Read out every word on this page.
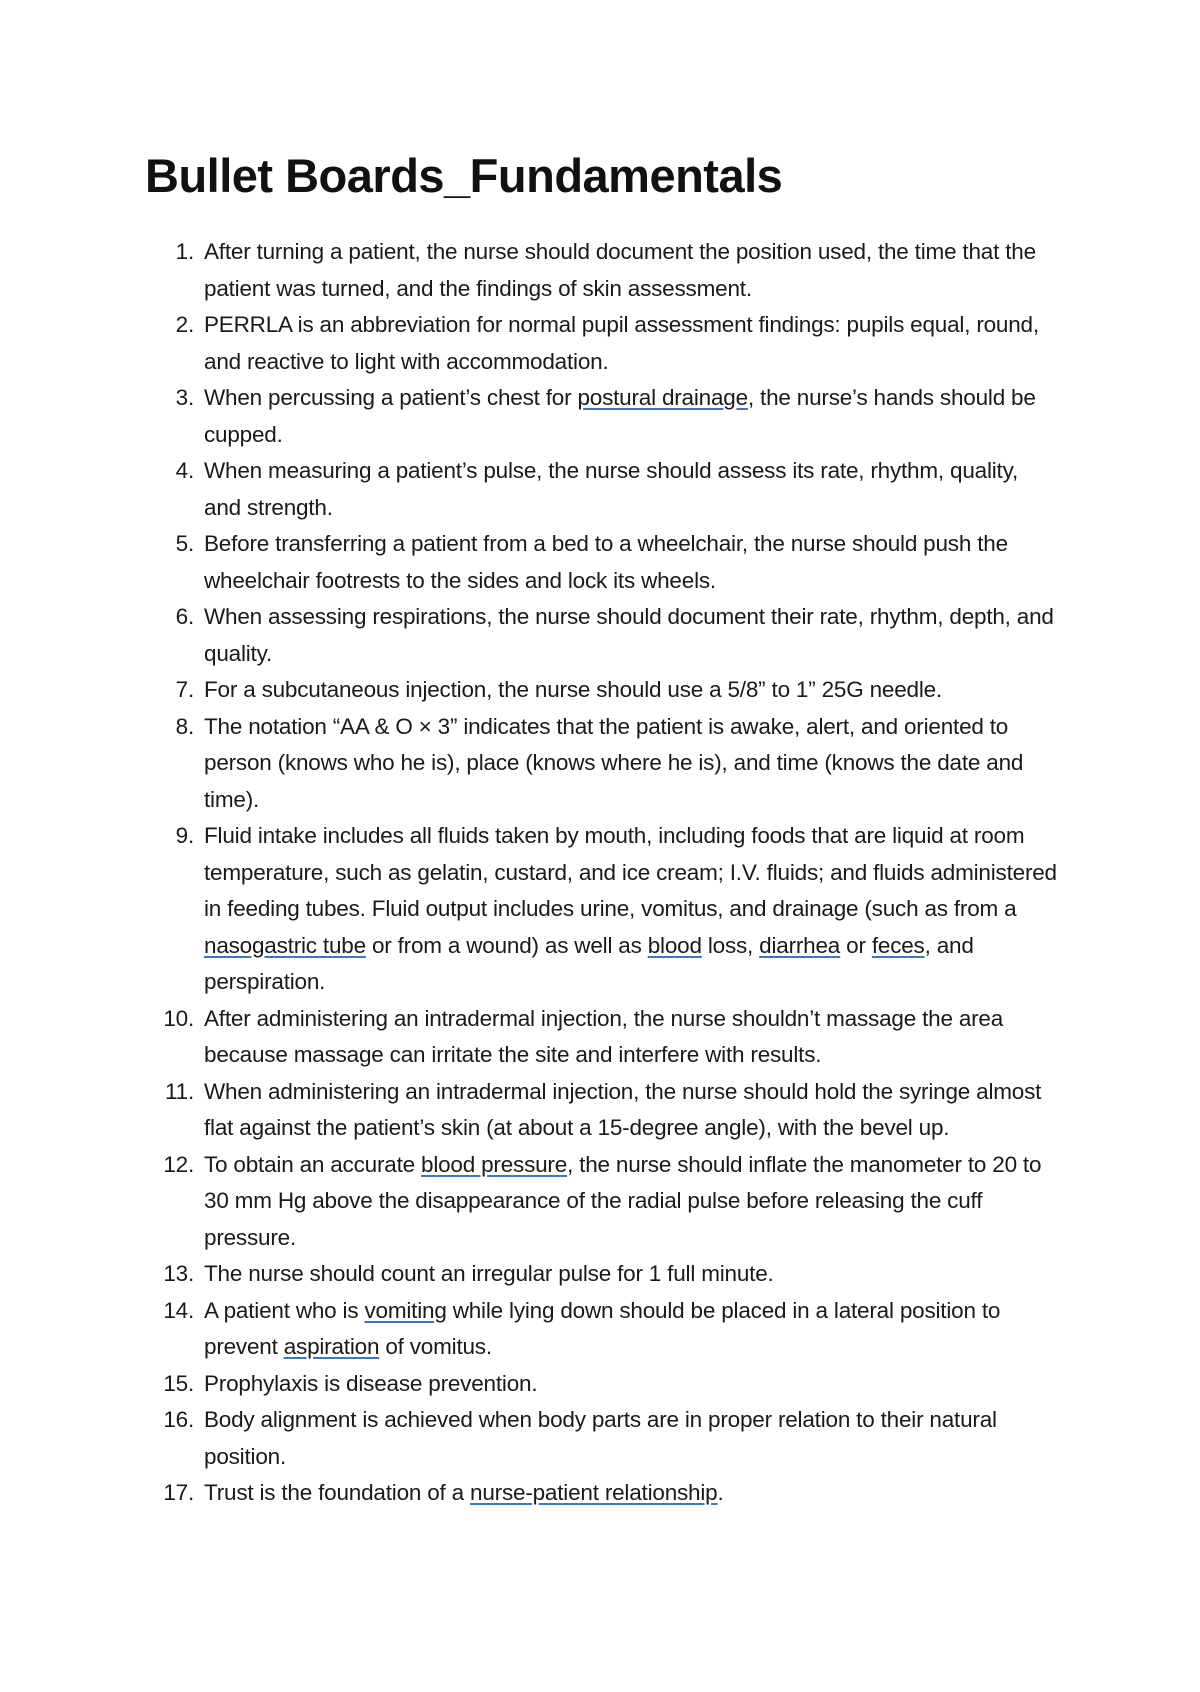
Bullet Boards_Fundamentals
1. After turning a patient, the nurse should document the position used, the time that the patient was turned, and the findings of skin assessment.
2. PERRLA is an abbreviation for normal pupil assessment findings: pupils equal, round, and reactive to light with accommodation.
3. When percussing a patient’s chest for postural drainage, the nurse’s hands should be cupped.
4. When measuring a patient’s pulse, the nurse should assess its rate, rhythm, quality, and strength.
5. Before transferring a patient from a bed to a wheelchair, the nurse should push the wheelchair footrests to the sides and lock its wheels.
6. When assessing respirations, the nurse should document their rate, rhythm, depth, and quality.
7. For a subcutaneous injection, the nurse should use a 5/8” to 1” 25G needle.
8. The notation “AA & O × 3” indicates that the patient is awake, alert, and oriented to person (knows who he is), place (knows where he is), and time (knows the date and time).
9. Fluid intake includes all fluids taken by mouth, including foods that are liquid at room temperature, such as gelatin, custard, and ice cream; I.V. fluids; and fluids administered in feeding tubes. Fluid output includes urine, vomitus, and drainage (such as from a nasogastric tube or from a wound) as well as blood loss, diarrhea or feces, and perspiration.
10. After administering an intradermal injection, the nurse shouldn’t massage the area because massage can irritate the site and interfere with results.
11. When administering an intradermal injection, the nurse should hold the syringe almost flat against the patient’s skin (at about a 15-degree angle), with the bevel up.
12. To obtain an accurate blood pressure, the nurse should inflate the manometer to 20 to 30 mm Hg above the disappearance of the radial pulse before releasing the cuff pressure.
13. The nurse should count an irregular pulse for 1 full minute.
14. A patient who is vomiting while lying down should be placed in a lateral position to prevent aspiration of vomitus.
15. Prophylaxis is disease prevention.
16. Body alignment is achieved when body parts are in proper relation to their natural position.
17. Trust is the foundation of a nurse-patient relationship.
